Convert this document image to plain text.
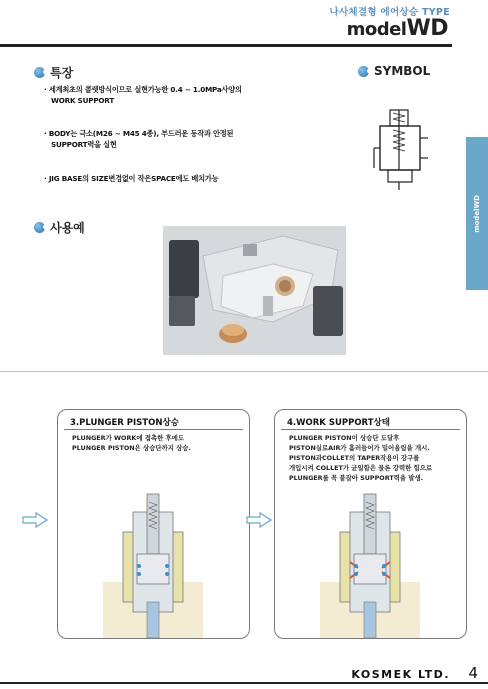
나사체결형 에어상승 TYPE
modelWD
modelWD
특장
· 세계최초의 콜렛방식이므로 실현가능한 0.4 ~ 1.0MPa사양의
WORK SUPPORT
· BODY는 극소(M26 ~ M45 4종), 부드러운 동작과 안정된
SUPPORT력을 실현
· JIG BASE의 SIZE변경없이 작은SPACE에도 배치가능
SYMBOL
사용예
3.PLUNGER PISTON상승
PLUNGER가 WORK에 접촉한 후에도
PLUNGER PISTON은 상승단까지 상승.
4.WORK SUPPORT상태
PLUNGER PISTON이 상승단 도달후
PISTON실로AIR가 흘러들어가 밀어올림을 개시.
PISTON과COLLET의 TAPER작용이 강구를
개입시켜 COLLET가 균일함은 물론 강력한 힘으로
PLUNGER를 꼭 붙잡아 SUPPORT력을 발생.
KOSMEK LTD. 4
